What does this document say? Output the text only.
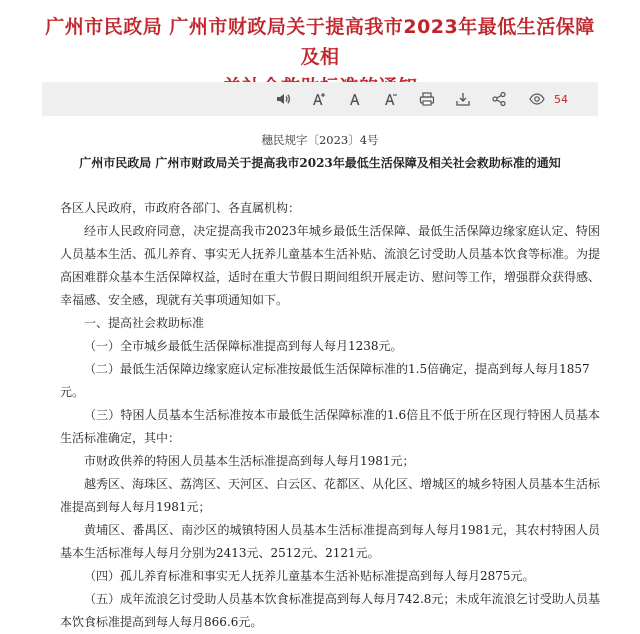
广州市民政局 广州市财政局关于提高我市2023年最低生活保障及相
54
穗民规字〔2023〕4号
广州市民政局 广州市财政局关于提高我市2023年最低生活保障及相关社会救助标准的通知

各区人民政府，市政府各部门、各直属机构：

经市人民政府同意，决定提高我市2023年城乡最低生活保障、最低生活保障边缘家庭认定、特困人员基本生活、孤儿养育、事实无人抚养儿童基本生活补贴、流浪乞讨受助人员基本饮食等标准。为提高困难群众基本生活保障权益，适时在重大节假日期间组织开展走访、慰问等工作，增强群众获得感、幸福感、安全感，现就有关事项通知如下。

一、提高社会救助标准

（一）全市城乡最低生活保障标准提高到每人每月1238元。

（二）最低生活保障边缘家庭认定标准按最低生活保障标准的1.5倍确定，提高到每人每月1857元。

（三）特困人员基本生活标准按本市最低生活保障标准的1.6倍且不低于所在区现行特困人员基本生活标准确定，其中：

市财政供养的特困人员基本生活标准提高到每人每月1981元；

越秀区、海珠区、荔湾区、天河区、白云区、花都区、从化区、增城区的城乡特困人员基本生活标准提高到每人每月1981元；

黄埔区、番禺区、南沙区的城镇特困人员基本生活标准提高到每人每月1981元，其农村特困人员基本生活标准每人每月分别为2413元、2512元、2121元。

（四）孤儿养育标准和事实无人抚养儿童基本生活补贴标准提高到每人每月2875元。

（五）成年流浪乞讨受助人员基本饮食标准提高到每人每月742.8元；未成年流浪乞讨受助人员基本饮食标准提高到每人每月866.6元。
